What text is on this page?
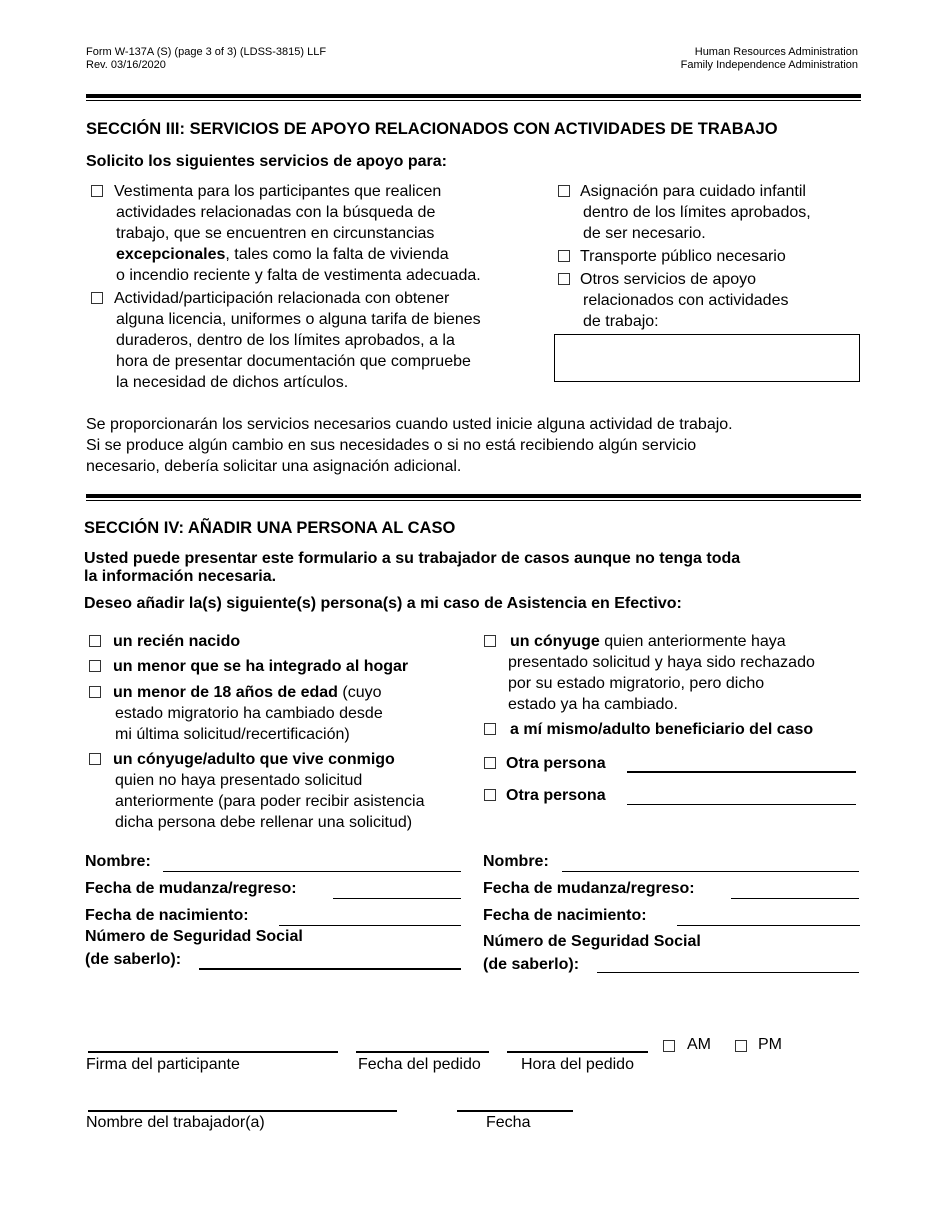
Form W-137A (S) (page 3 of 3) (LDSS-3815) LLF
Rev. 03/16/2020
Human Resources Administration
Family Independence Administration
SECCIÓN III: SERVICIOS DE APOYO RELACIONADOS CON ACTIVIDADES DE TRABAJO
Solicito los siguientes servicios de apoyo para:
Vestimenta para los participantes que realicen
actividades relacionadas con la búsqueda de
trabajo, que se encuentren en circunstancias
excepcionales, tales como la falta de vivienda
o incendio reciente y falta de vestimenta adecuada.
Actividad/participación relacionada con obtener
alguna licencia, uniformes o alguna tarifa de bienes
duraderos, dentro de los límites aprobados, a la
hora de presentar documentación que compruebe
la necesidad de dichos artículos.
Asignación para cuidado infantil
dentro de los límites aprobados,
de ser necesario.
Transporte público necesario
Otros servicios de apoyo
relacionados con actividades
de trabajo:
Se proporcionarán los servicios necesarios cuando usted inicie alguna actividad de trabajo.
Si se produce algún cambio en sus necesidades o si no está recibiendo algún servicio
necesario, debería solicitar una asignación adicional.
SECCIÓN IV: AÑADIR UNA PERSONA AL CASO
Usted puede presentar este formulario a su trabajador de casos aunque no tenga toda
la información necesaria.
Deseo añadir la(s) siguiente(s) persona(s) a mi caso de Asistencia en Efectivo:
un recién nacido
un menor que se ha integrado al hogar
un menor de 18 años de edad (cuyo
estado migratorio ha cambiado desde
mi última solicitud/recertificación)
un cónyuge/adulto que vive conmigo
quien no haya presentado solicitud
anteriormente (para poder recibir asistencia
dicha persona debe rellenar una solicitud)
un cónyuge quien anteriormente haya
presentado solicitud y haya sido rechazado
por su estado migratorio, pero dicho
estado ya ha cambiado.
a mí mismo/adulto beneficiario del caso
Otra persona
Otra persona
Nombre:
Fecha de mudanza/regreso:
Fecha de nacimiento:
Número de Seguridad Social
(de saberlo):
Nombre:
Fecha de mudanza/regreso:
Fecha de nacimiento:
Número de Seguridad Social
(de saberlo):
Firma del participante	Fecha del pedido	Hora del pedido
AM	PM
Nombre del trabajador(a)	Fecha
